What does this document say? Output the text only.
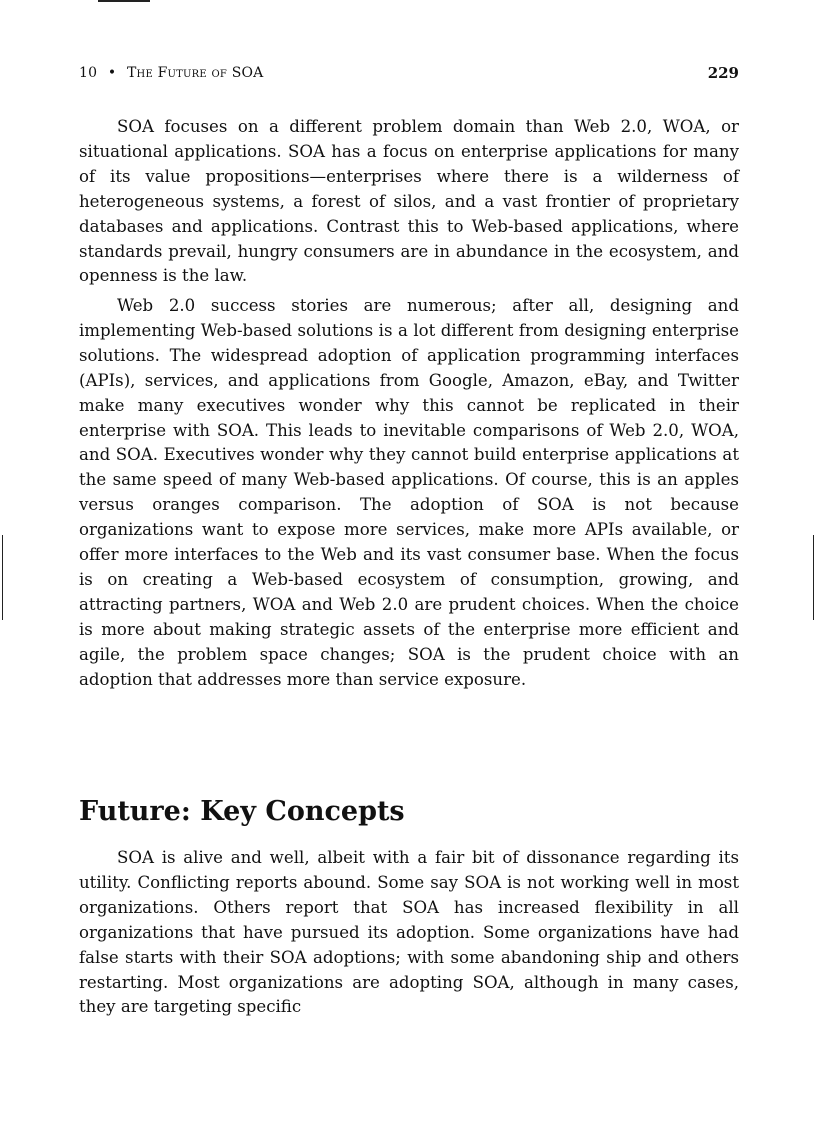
10 • The Future of SOA	229

SOA focuses on a different problem domain than Web 2.0, WOA, or situational applications. SOA has a focus on enterprise applications for many of its value propositions—enterprises where there is a wilderness of heterogeneous systems, a forest of silos, and a vast frontier of proprietary databases and applications. Contrast this to Web-based applications, where standards prevail, hungry consumers are in abundance in the ecosystem, and openness is the law.

Web 2.0 success stories are numerous; after all, designing and implementing Web-based solutions is a lot different from designing enterprise solutions. The widespread adoption of application programming interfaces (APIs), services, and applications from Google, Amazon, eBay, and Twitter make many executives wonder why this cannot be replicated in their enterprise with SOA. This leads to inevitable comparisons of Web 2.0, WOA, and SOA. Executives wonder why they cannot build enterprise applications at the same speed of many Web-based applications. Of course, this is an apples versus oranges comparison. The adoption of SOA is not because organizations want to expose more services, make more APIs available, or offer more interfaces to the Web and its vast consumer base. When the focus is on creating a Web-based ecosystem of consumption, growing, and attracting partners, WOA and Web 2.0 are prudent choices. When the choice is more about making strategic assets of the enterprise more efficient and agile, the problem space changes; SOA is the prudent choice with an adoption that addresses more than service exposure.

Future: Key Concepts

SOA is alive and well, albeit with a fair bit of dissonance regarding its utility. Conflicting reports abound. Some say SOA is not working well in most organizations. Others report that SOA has increased flexibility in all organizations that have pursued its adoption. Some organizations have had false starts with their SOA adoptions; with some abandoning ship and others restarting. Most organizations are adopting SOA, although in many cases, they are targeting specific
